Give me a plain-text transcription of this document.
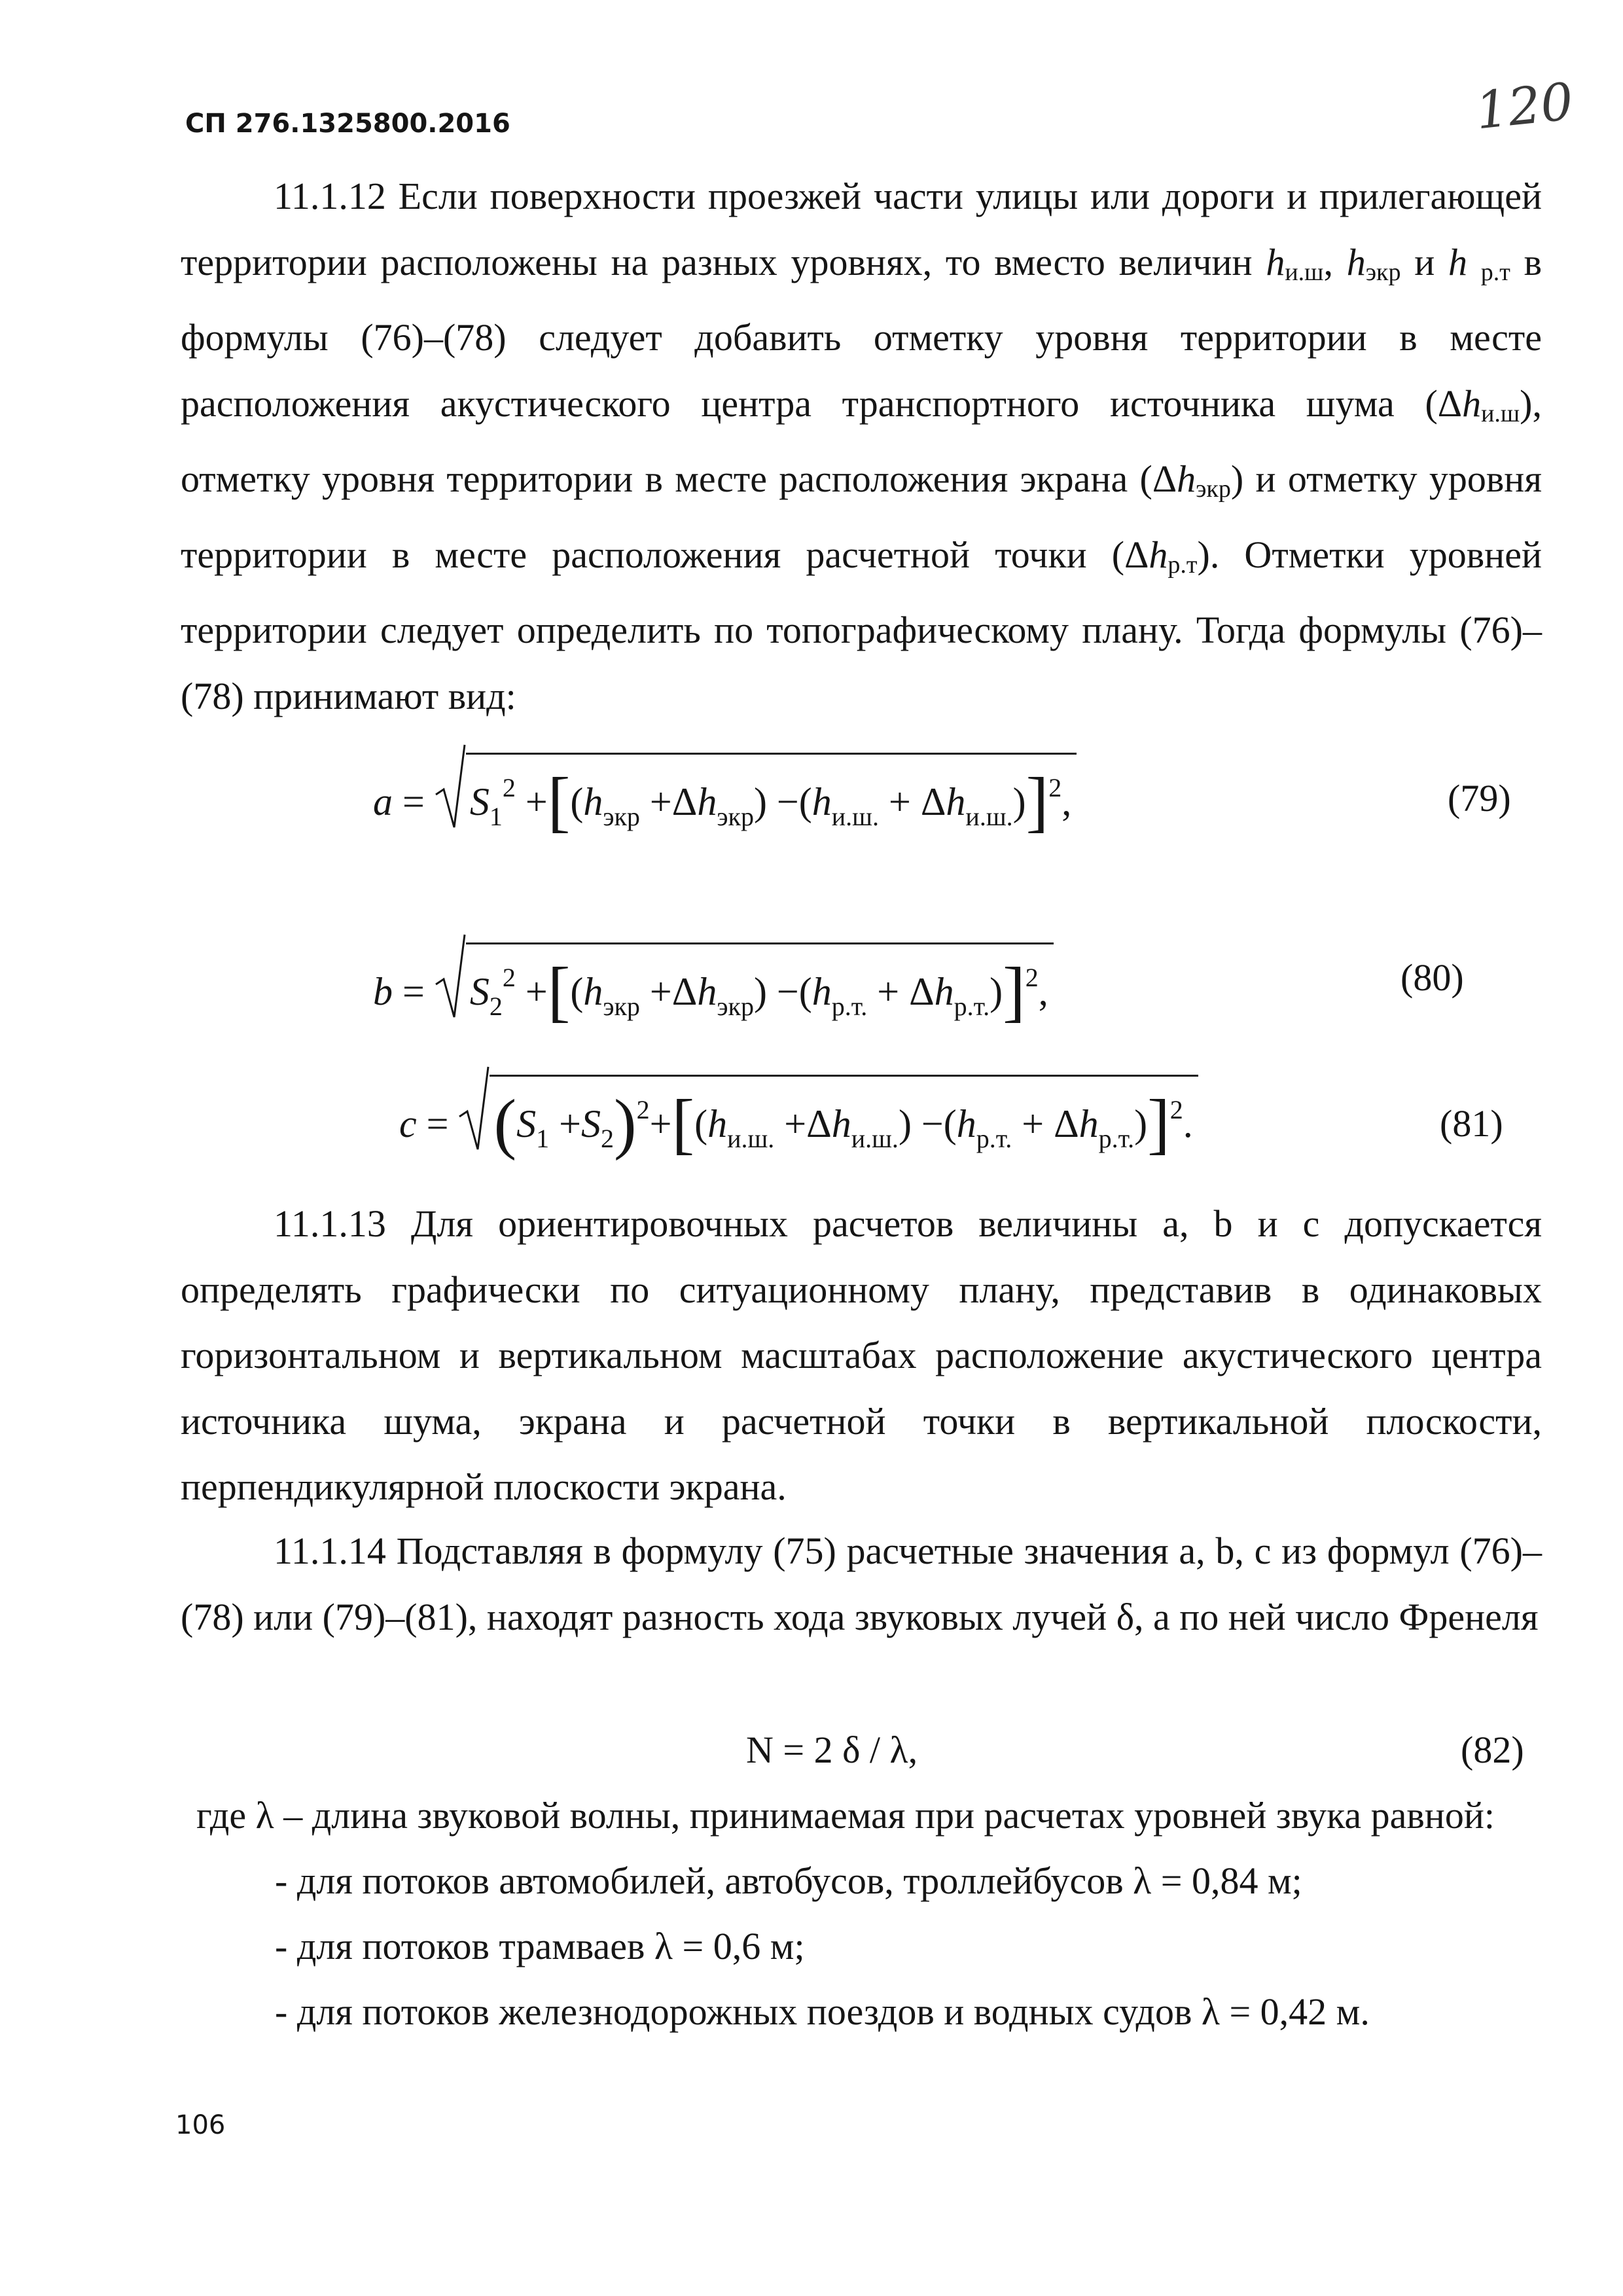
СП 276.1325800.2016	120

11.1.12 Если поверхности проезжей части улицы или дороги и прилегающей территории расположены на разных уровнях, то вместо величин $h_{и.ш}$, $h_{экр}$ и h $_{р.т}$ в формулы (76)–(78) следует добавить отметку уровня территории в месте расположения акустического центра транспортного источника шума $(\Delta h_{и.ш})$, отметку уровня территории в месте расположения экрана $(\Delta h_{экр})$ и отметку уровня территории в месте расположения расчетной точки $(\Delta h_{р.т})$. Отметки уровней территории следует определить по топографическому плану. Тогда формулы (76)–(78) принимают вид:

a =
$S_1^2 +[(h_{экр} +\Delta h_{экр}) -(h_{и.ш.} + \Delta h_{и.ш.})]^2$,	(79)
b =
$S_2^2 +[(h_{экр} +\Delta h_{экр}) -(h_{р.т.} + \Delta h_{р.т.})]^2$,	(80)
c =
$(S_1 +S_2)^2+[(h_{и.ш.} +\Delta h_{и.ш.}) -(h_{р.т.} + \Delta h_{р.т.})]^2$.	(81)

11.1.13 Для ориентировочных расчетов величины a, b и c допускается определять графически по ситуационному плану, представив в одинаковых горизонтальном и вертикальном масштабах расположение акустического центра источника шума, экрана и расчетной точки в вертикальной плоскости, перпендикулярной плоскости экрана.

11.1.14 Подставляя в формулу (75) расчетные значения a, b, c из формул (76)–(78) или (79)–(81), находят разность хода звуковых лучей δ, а по ней число Френеля

N = 2 δ / λ,	(82)
где λ – длина звуковой волны, принимаемая при расчетах уровней звука равной:
- для потоков автомобилей, автобусов, троллейбусов λ = 0,84 м;
- для потоков трамваев λ = 0,6 м;
- для потоков железнодорожных поездов и водных судов λ = 0,42 м.
106
